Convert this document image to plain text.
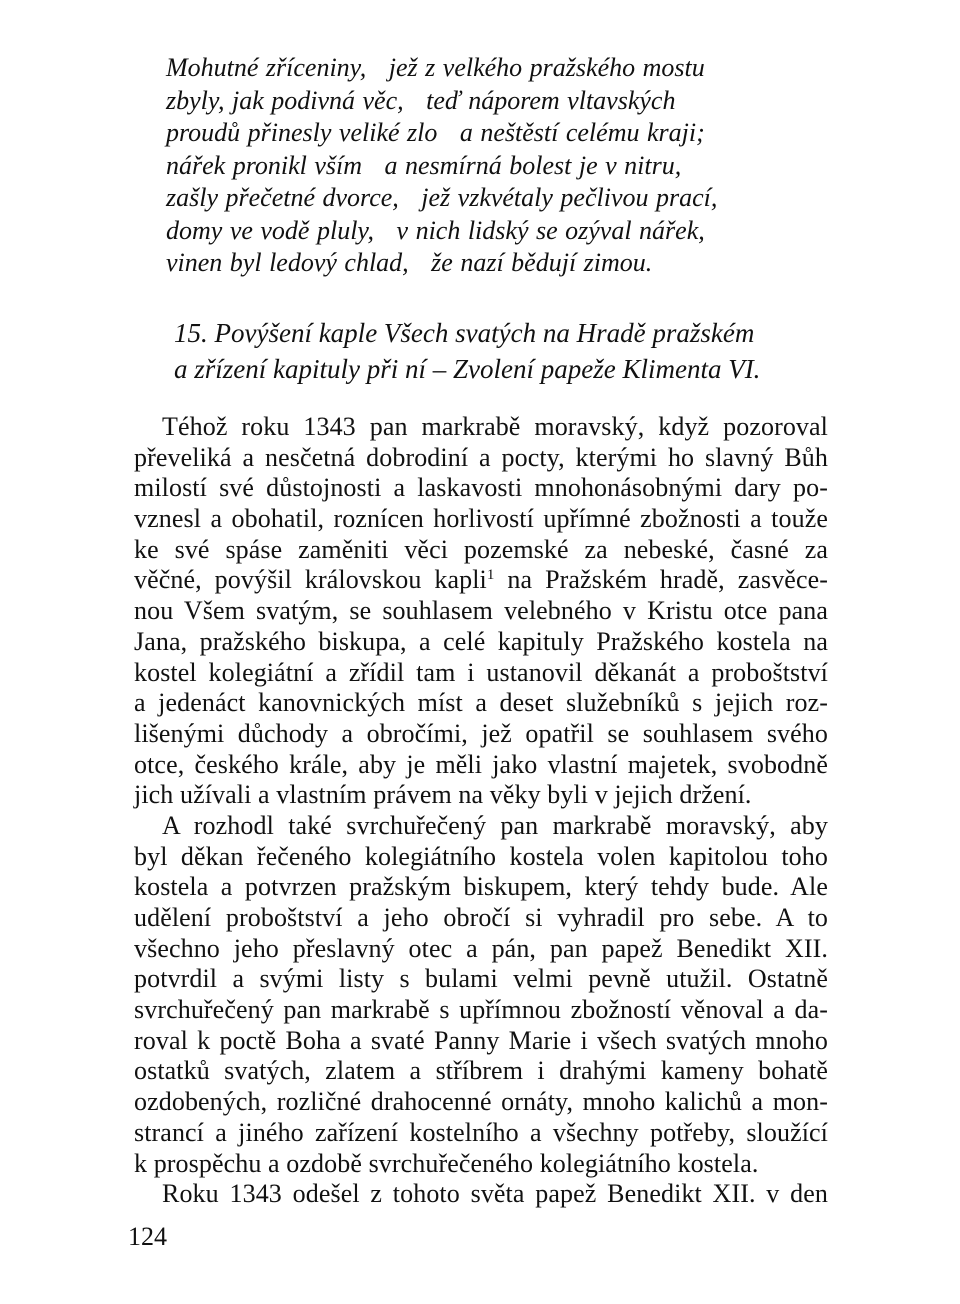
Mohutné zříceniny,   jež z velkého pražského mostu
zbyly, jak podivná věc,   teď náporem vltavských
proudů přinesly veliké zlo   a neštěstí celému kraji;
nářek pronikl vším   a nesmírná bolest je v nitru,
zašly přečetné dvorce,   jež vzkvétaly pečlivou prací,
domy ve vodě pluly,   v nich lidský se ozýval nářek,
vinen byl ledový chlad,   že nazí bědují zimou.
15. Povýšení kaple Všech svatých na Hradě pražském
a zřízení kapituly při ní – Zvolení papeže Klimenta VI.
Téhož roku 1343 pan markrabě moravský, když pozoroval
převeliká a nesčetná dobrodiní a pocty, kterými ho slavný Bůh
milostí své důstojnosti a laskavosti mnohonásobnými dary po-
vznesl a obohatil, roznícen horlivostí upřímné zbožnosti a touže
ke své spáse zaměniti věci pozemské za nebeské, časné za
věčné, povýšil královskou kapli$^1$ na Pražském hradě, zasvěce-
nou Všem svatým, se souhlasem velebného v Kristu otce pana
Jana, pražského biskupa, a celé kapituly Pražského kostela na
kostel kolegiátní a zřídil tam i ustanovil děkanát a proboštství
a jedenáct kanovnických míst a deset služebníků s jejich roz-
lišenými důchody a obročími, jež opatřil se souhlasem svého
otce, českého krále, aby je měli jako vlastní majetek, svobodně
jich užívali a vlastním právem na věky byli v jejich držení.
A rozhodl také svrchuřečený pan markrabě moravský, aby
byl děkan řečeného kolegiátního kostela volen kapitolou toho
kostela a potvrzen pražským biskupem, který tehdy bude. Ale
udělení proboštství a jeho obročí si vyhradil pro sebe. A to
všechno jeho přeslavný otec a pán, pan papež Benedikt XII.
potvrdil a svými listy s bulami velmi pevně utužil. Ostatně
svrchuřečený pan markrabě s upřímnou zbožností věnoval a da-
roval k poctě Boha a svaté Panny Marie i všech svatých mnoho
ostatků svatých, zlatem a stříbrem i drahými kameny bohatě
ozdobených, rozličné drahocenné ornáty, mnoho kalichů a mon-
strancí a jiného zařízení kostelního a všechny potřeby, sloužící
k prospěchu a ozdobě svrchuřečeného kolegiátního kostela.
Roku 1343 odešel z tohoto světa papež Benedikt XII. v den
124
